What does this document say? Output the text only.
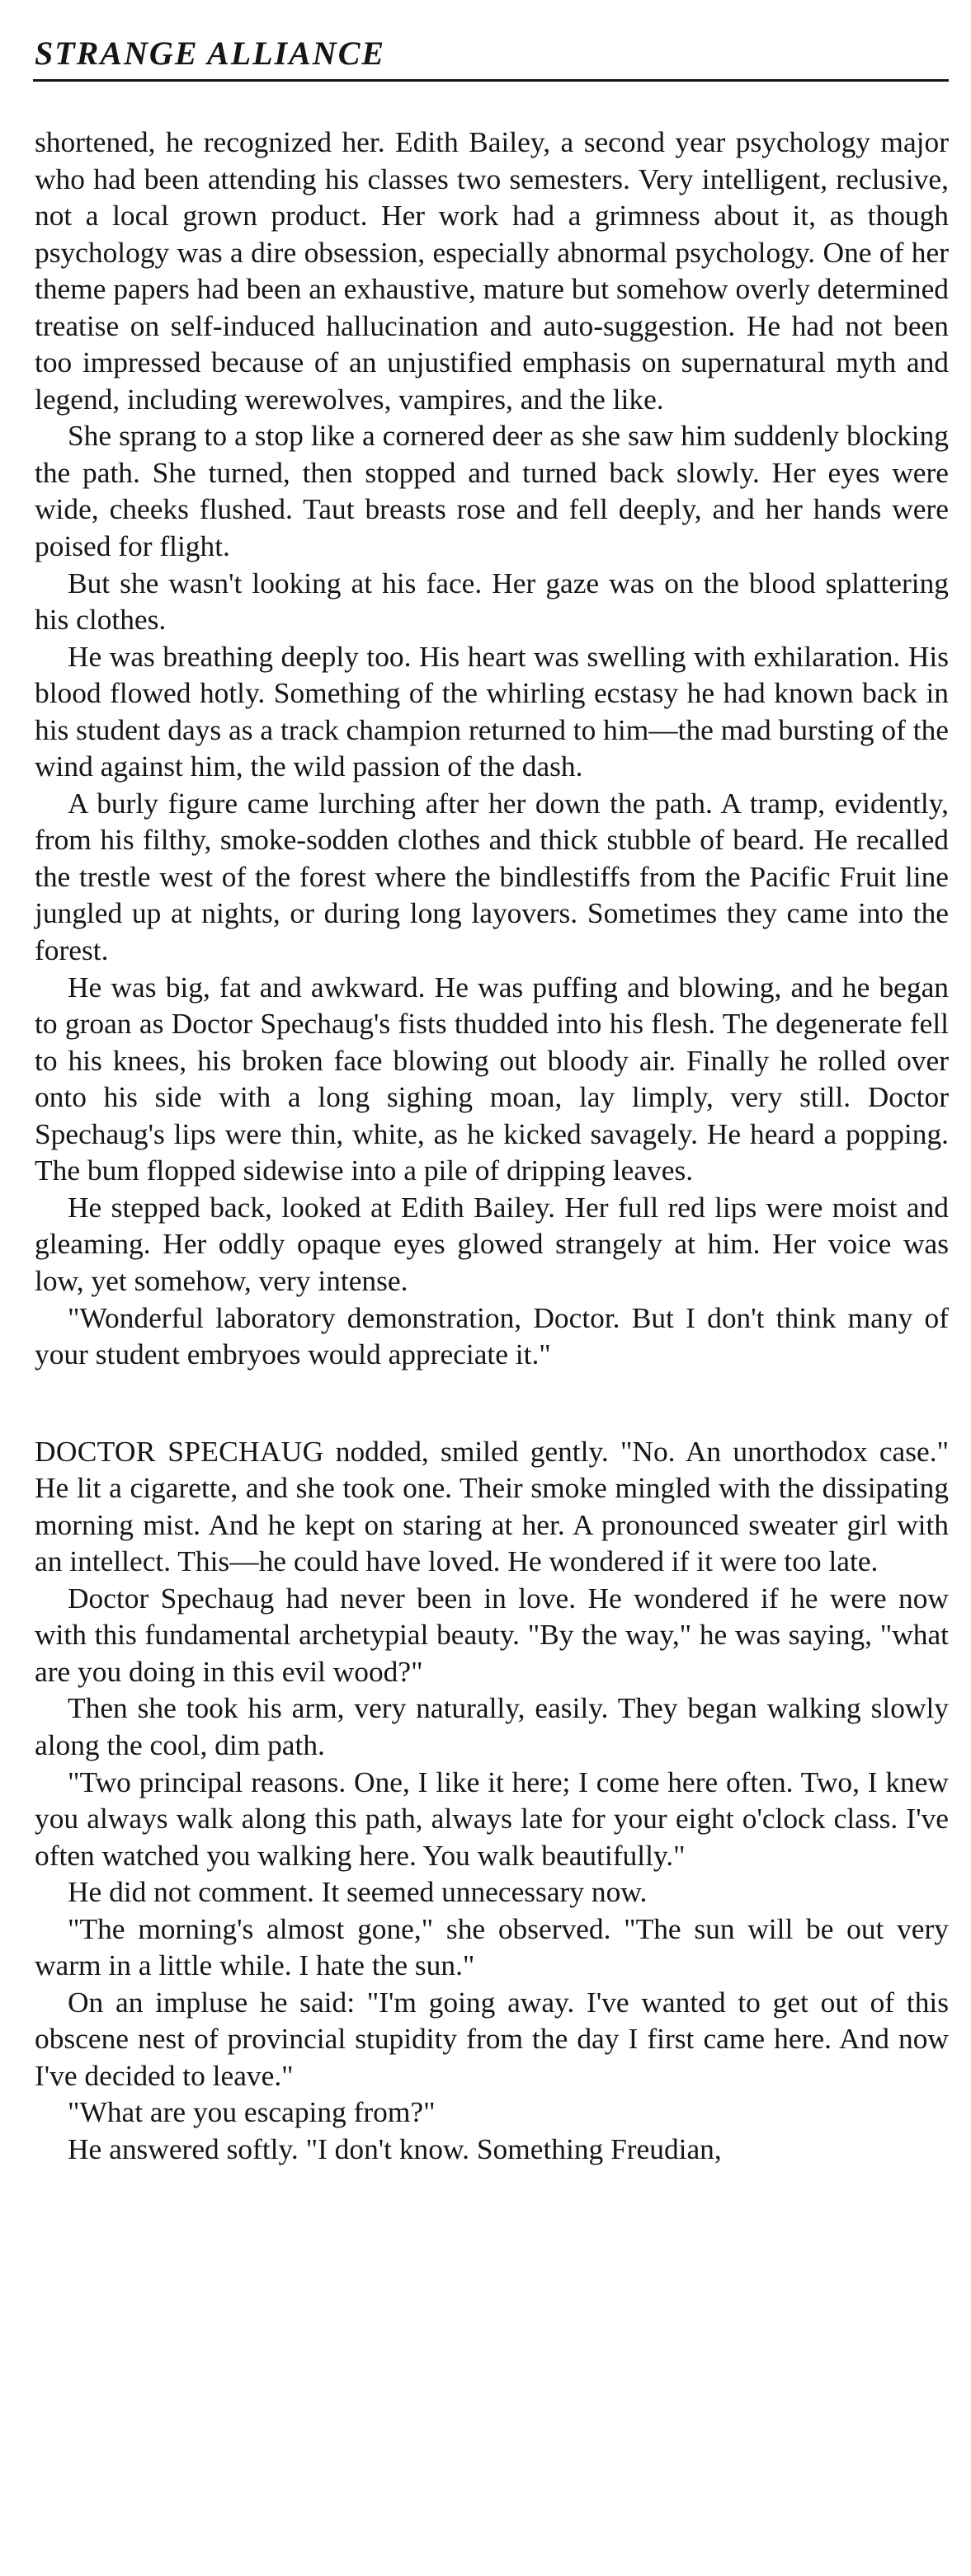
STRANGE ALLIANCE

shortened, he recognized her. Edith Bailey, a second year psychology major who had been attending his classes two semesters. Very intelligent, reclusive, not a local grown product. Her work had a grimness about it, as though psychology was a dire obsession, especially abnormal psychology. One of her theme papers had been an exhaustive, mature but somehow overly determined treatise on self-induced hallucination and auto-suggestion. He had not been too impressed because of an unjustified emphasis on supernatural myth and legend, including werewolves, vampires, and the like.

She sprang to a stop like a cornered deer as she saw him suddenly blocking the path. She turned, then stopped and turned back slowly. Her eyes were wide, cheeks flushed. Taut breasts rose and fell deeply, and her hands were poised for flight.

But she wasn't looking at his face. Her gaze was on the blood splattering his clothes.

He was breathing deeply too. His heart was swelling with exhilaration. His blood flowed hotly. Something of the whirling ecstasy he had known back in his student days as a track champion returned to him—the mad bursting of the wind against him, the wild passion of the dash.

A burly figure came lurching after her down the path. A tramp, evidently, from his filthy, smoke-sodden clothes and thick stubble of beard. He recalled the trestle west of the forest where the bindlestiffs from the Pacific Fruit line jungled up at nights, or during long layovers. Sometimes they came into the forest.

He was big, fat and awkward. He was puffing and blowing, and he began to groan as Doctor Spechaug's fists thudded into his flesh. The degenerate fell to his knees, his broken face blowing out bloody air. Finally he rolled over onto his side with a long sighing moan, lay limply, very still. Doctor Spechaug's lips were thin, white, as he kicked savagely. He heard a popping. The bum flopped sidewise into a pile of dripping leaves.

He stepped back, looked at Edith Bailey. Her full red lips were moist and gleaming. Her oddly opaque eyes glowed strangely at him. Her voice was low, yet somehow, very intense.

"Wonderful laboratory demonstration, Doctor. But I don't think many of your student embryoes would appreciate it."

DOCTOR SPECHAUG nodded, smiled gently. "No. An unorthodox case." He lit a cigarette, and she took one. Their smoke mingled with the dissipating morning mist. And he kept on staring at her. A pronounced sweater girl with an intellect. This—he could have loved. He wondered if it were too late.

Doctor Spechaug had never been in love. He wondered if he were now with this fundamental archetypial beauty. "By the way," he was saying, "what are you doing in this evil wood?"

Then she took his arm, very naturally, easily. They began walking slowly along the cool, dim path.

"Two principal reasons. One, I like it here; I come here often. Two, I knew you always walk along this path, always late for your eight o'clock class. I've often watched you walking here. You walk beautifully."

He did not comment. It seemed unnecessary now.

"The morning's almost gone," she observed. "The sun will be out very warm in a little while. I hate the sun."

On an impluse he said: "I'm going away. I've wanted to get out of this obscene nest of provincial stupidity from the day I first came here. And now I've decided to leave."

"What are you escaping from?"

He answered softly. "I don't know. Something Freudian,
